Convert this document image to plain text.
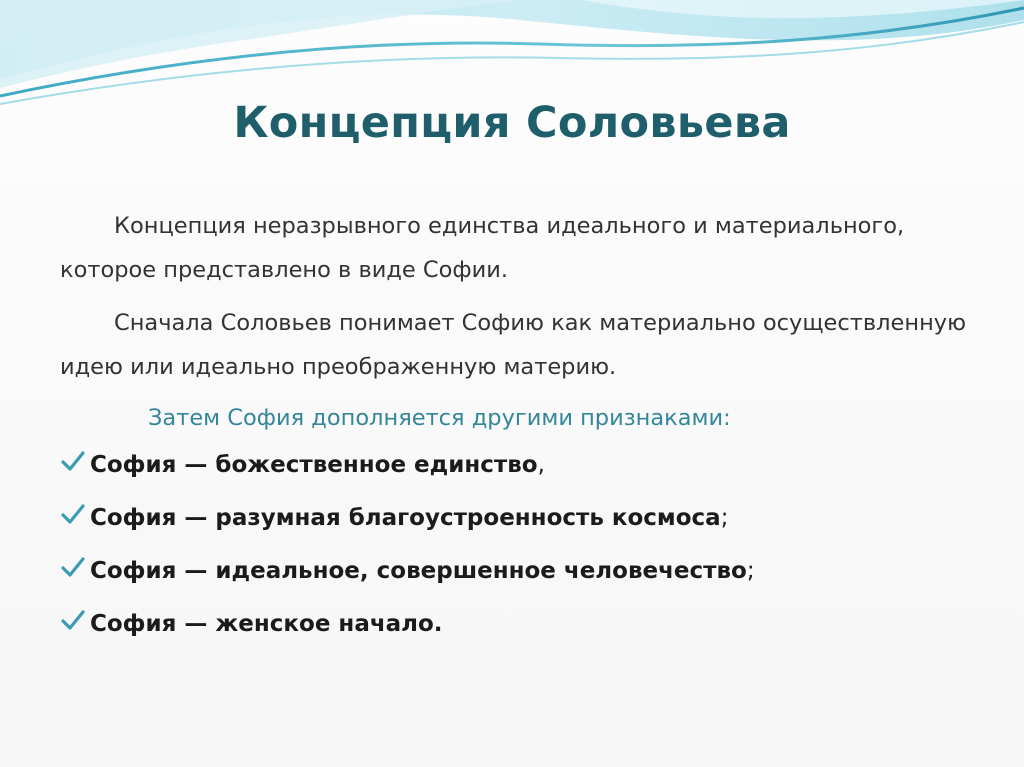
Концепция Соловьева

Концепция неразрывного единства идеального и материального, которое представлено в виде Софии.

Сначала Соловьев понимает Софию как материально осуществленную идею или идеально преображенную материю.

Затем София дополняется другими признаками:

София — божественное единство ,
София — разумная благоустроенность космоса ;
София — идеальное, совершенное человечество ;
София — женское начало.
